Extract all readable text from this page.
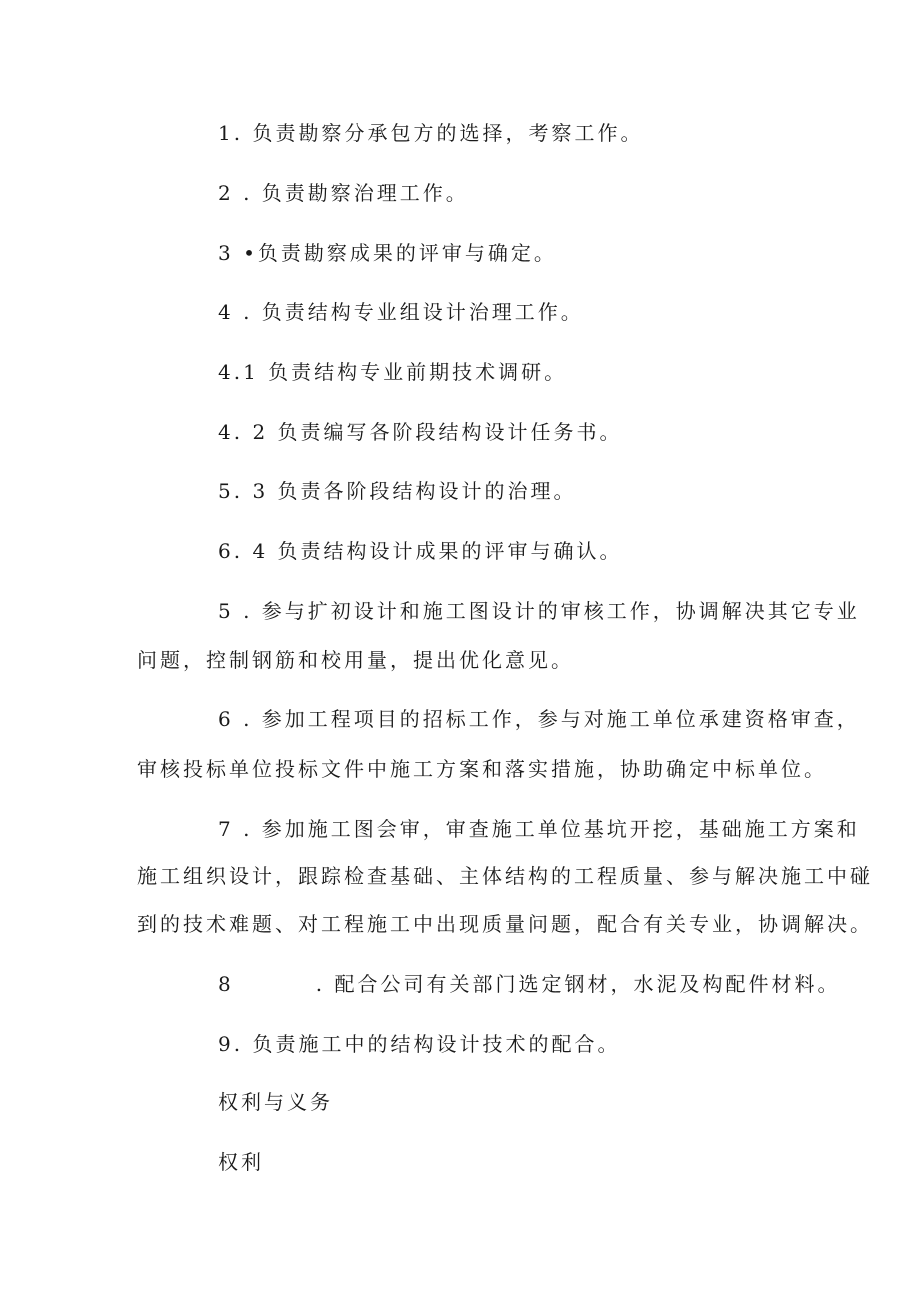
1. 负责勘察分承包方的选择，考察工作。

2 . 负责勘察治理工作。

3 •负责勘察成果的评审与确定。

4 . 负责结构专业组设计治理工作。

4.1 负责结构专业前期技术调研。

4. 2 负责编写各阶段结构设计任务书。

5. 3 负责各阶段结构设计的治理。

6. 4 负责结构设计成果的评审与确认。

5 . 参与扩初设计和施工图设计的审核工作，协调解决其它专业

问题，控制钢筋和校用量，提出优化意见。

6 . 参加工程项目的招标工作，参与对施工单位承建资格审查，

审核投标单位投标文件中施工方案和落实措施，协助确定中标单位。

7 . 参加施工图会审，审查施工单位基坑开挖，基础施工方案和

施工组织设计，跟踪检查基础、主体结构的工程质量、参与解决施工中碰

到的技术难题、对工程施工中出现质量问题，配合有关专业，协调解决。

8	. 配合公司有关部门选定钢材，水泥及构配件材料。

9. 负责施工中的结构设计技术的配合。

权利与义务

权利
